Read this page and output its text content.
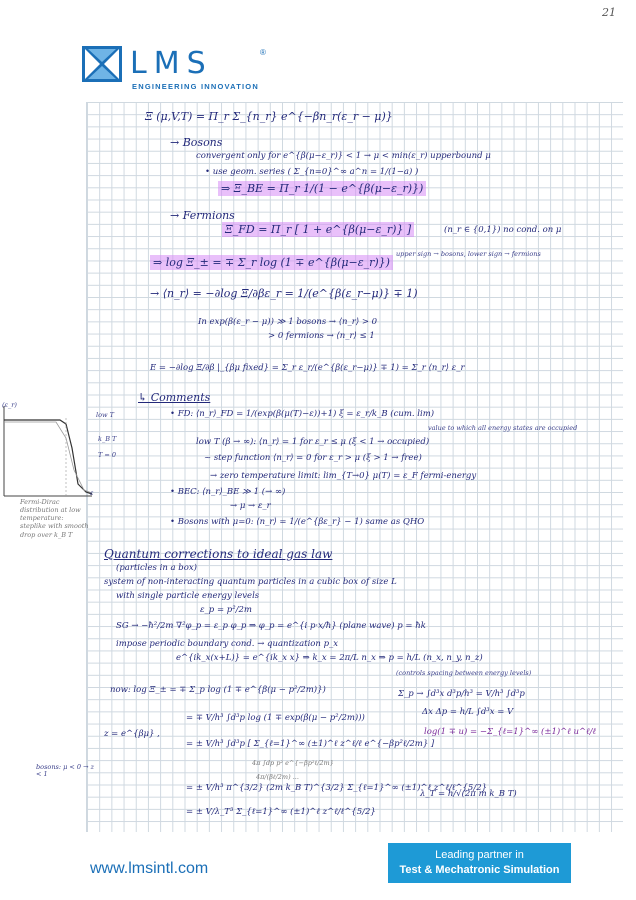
21
LMS	®
ENGINEERING INNOVATION
Ξ (μ,V,T) = Π_r Σ_{n_r} e^{−βn_r(ε_r − μ)}
→ Bosons
convergent only for e^{β(μ−ε_r)} < 1 → μ < min(ε_r) upperbound μ
• use geom. series ( Σ_{n=0}^∞ a^n = 1/(1−a) )
⇒ Ξ_BE = Π_r 1/(1 − e^{β(μ−ε_r)})
→ Fermions
Ξ_FD = Π_r [ 1 + e^{β(μ−ε_r)} ]	(n_r ∈ {0,1}) no cond. on μ
⇒ log Ξ_± = ∓ Σ_r log (1 ∓ e^{β(μ−ε_r)})
upper sign → bosons, lower sign → fermions
→ ⟨n_r⟩ = −∂log Ξ/∂βε_r = 1/(e^{β(ε_r−μ)} ∓ 1)
In exp(β(ε_r − μ)) ≫ 1 bosons → ⟨n_r⟩ > 0
> 0 fermions → ⟨n_r⟩ ≤ 1
E = −∂log Ξ/∂β |_{βμ fixed} = Σ_r ε_r/(e^{β(ε_r−μ)} ∓ 1) = Σ_r ⟨n_r⟩ ε_r
↳ Comments
• FD: ⟨n_r⟩_FD = 1/(exp(β(μ(T)−ε))+1) ξ = ε_r/k_B (cum. lim)
value to which all energy states are occupied
low T (β → ∞): ⟨n_r⟩ = 1 for ε_r ≤ μ (ξ < 1 → occupied)
~ step function ⟨n_r⟩ = 0 for ε_r > μ (ξ > 1 → free)
→ zero temperature limit: lim_{T→0} μ(T) = ε_F fermi-energy
• BEC: ⟨n_r⟩_BE ≫ 1 (→ ∞)
→ μ → ε_r
• Bosons with μ=0: ⟨n_r⟩ = 1/(e^{βε_r} − 1) same as QHO
Quantum corrections to ideal gas law
(particles in a box)
system of non-interacting quantum particles in a cubic box of size L
with single particle energy levels
ε_p = p²/2m
SG → −ħ²/2m ∇²φ_p = ε_p φ_p ⇒ φ_p = e^{i p·x/ħ} (plane wave) p = ħk
impose periodic boundary cond. → quantization p_x
e^{ik_x(x+L)} = e^{ik_x x} ⇒ k_x = 2π/L n_x ⇒ p = h/L (n_x, n_y, n_z)
(controls spacing between energy levels)
now: log Ξ_± = ∓ Σ_p log (1 ∓ e^{β(μ − p²/2m)})
= ∓ V/h³ ∫d³p log (1 ∓ exp(β(μ − p²/2m)))
= ± V/h³ ∫d³p [ Σ_{ℓ=1}^∞ (±1)^ℓ z^ℓ/ℓ e^{−βp²ℓ/2m} ]
4π ∫dp p² e^{−βp²ℓ/2m}
= ± V/h³ π^{3/2} (2m k_B T)^{3/2} Σ_{ℓ=1}^∞ (±1)^ℓ z^ℓ/ℓ^{5/2}
= ± V/λ_T³ Σ_{ℓ=1}^∞ (±1)^ℓ z^ℓ/ℓ^{5/2}
Σ_p → ∫d³x d³p/h³ = V/h³ ∫d³p
Δx Δp = h/L ∫d³x = V
log(1 ∓ u) = −Σ_{ℓ=1}^∞ (±1)^ℓ u^ℓ/ℓ
λ_T = h/√(2π m k_B T)
z = e^{βμ} ,
bosons: μ < 0 → z < 1
(ε_r)
low T
k_B T
T = 0
ε
Fermi-Dirac distribution at low temperature: steplike with smooth drop over k_B T
4π/(βℓ/2m) ...
www.lmsintl.com
Leading partner in
Test & Mechatronic Simulation
